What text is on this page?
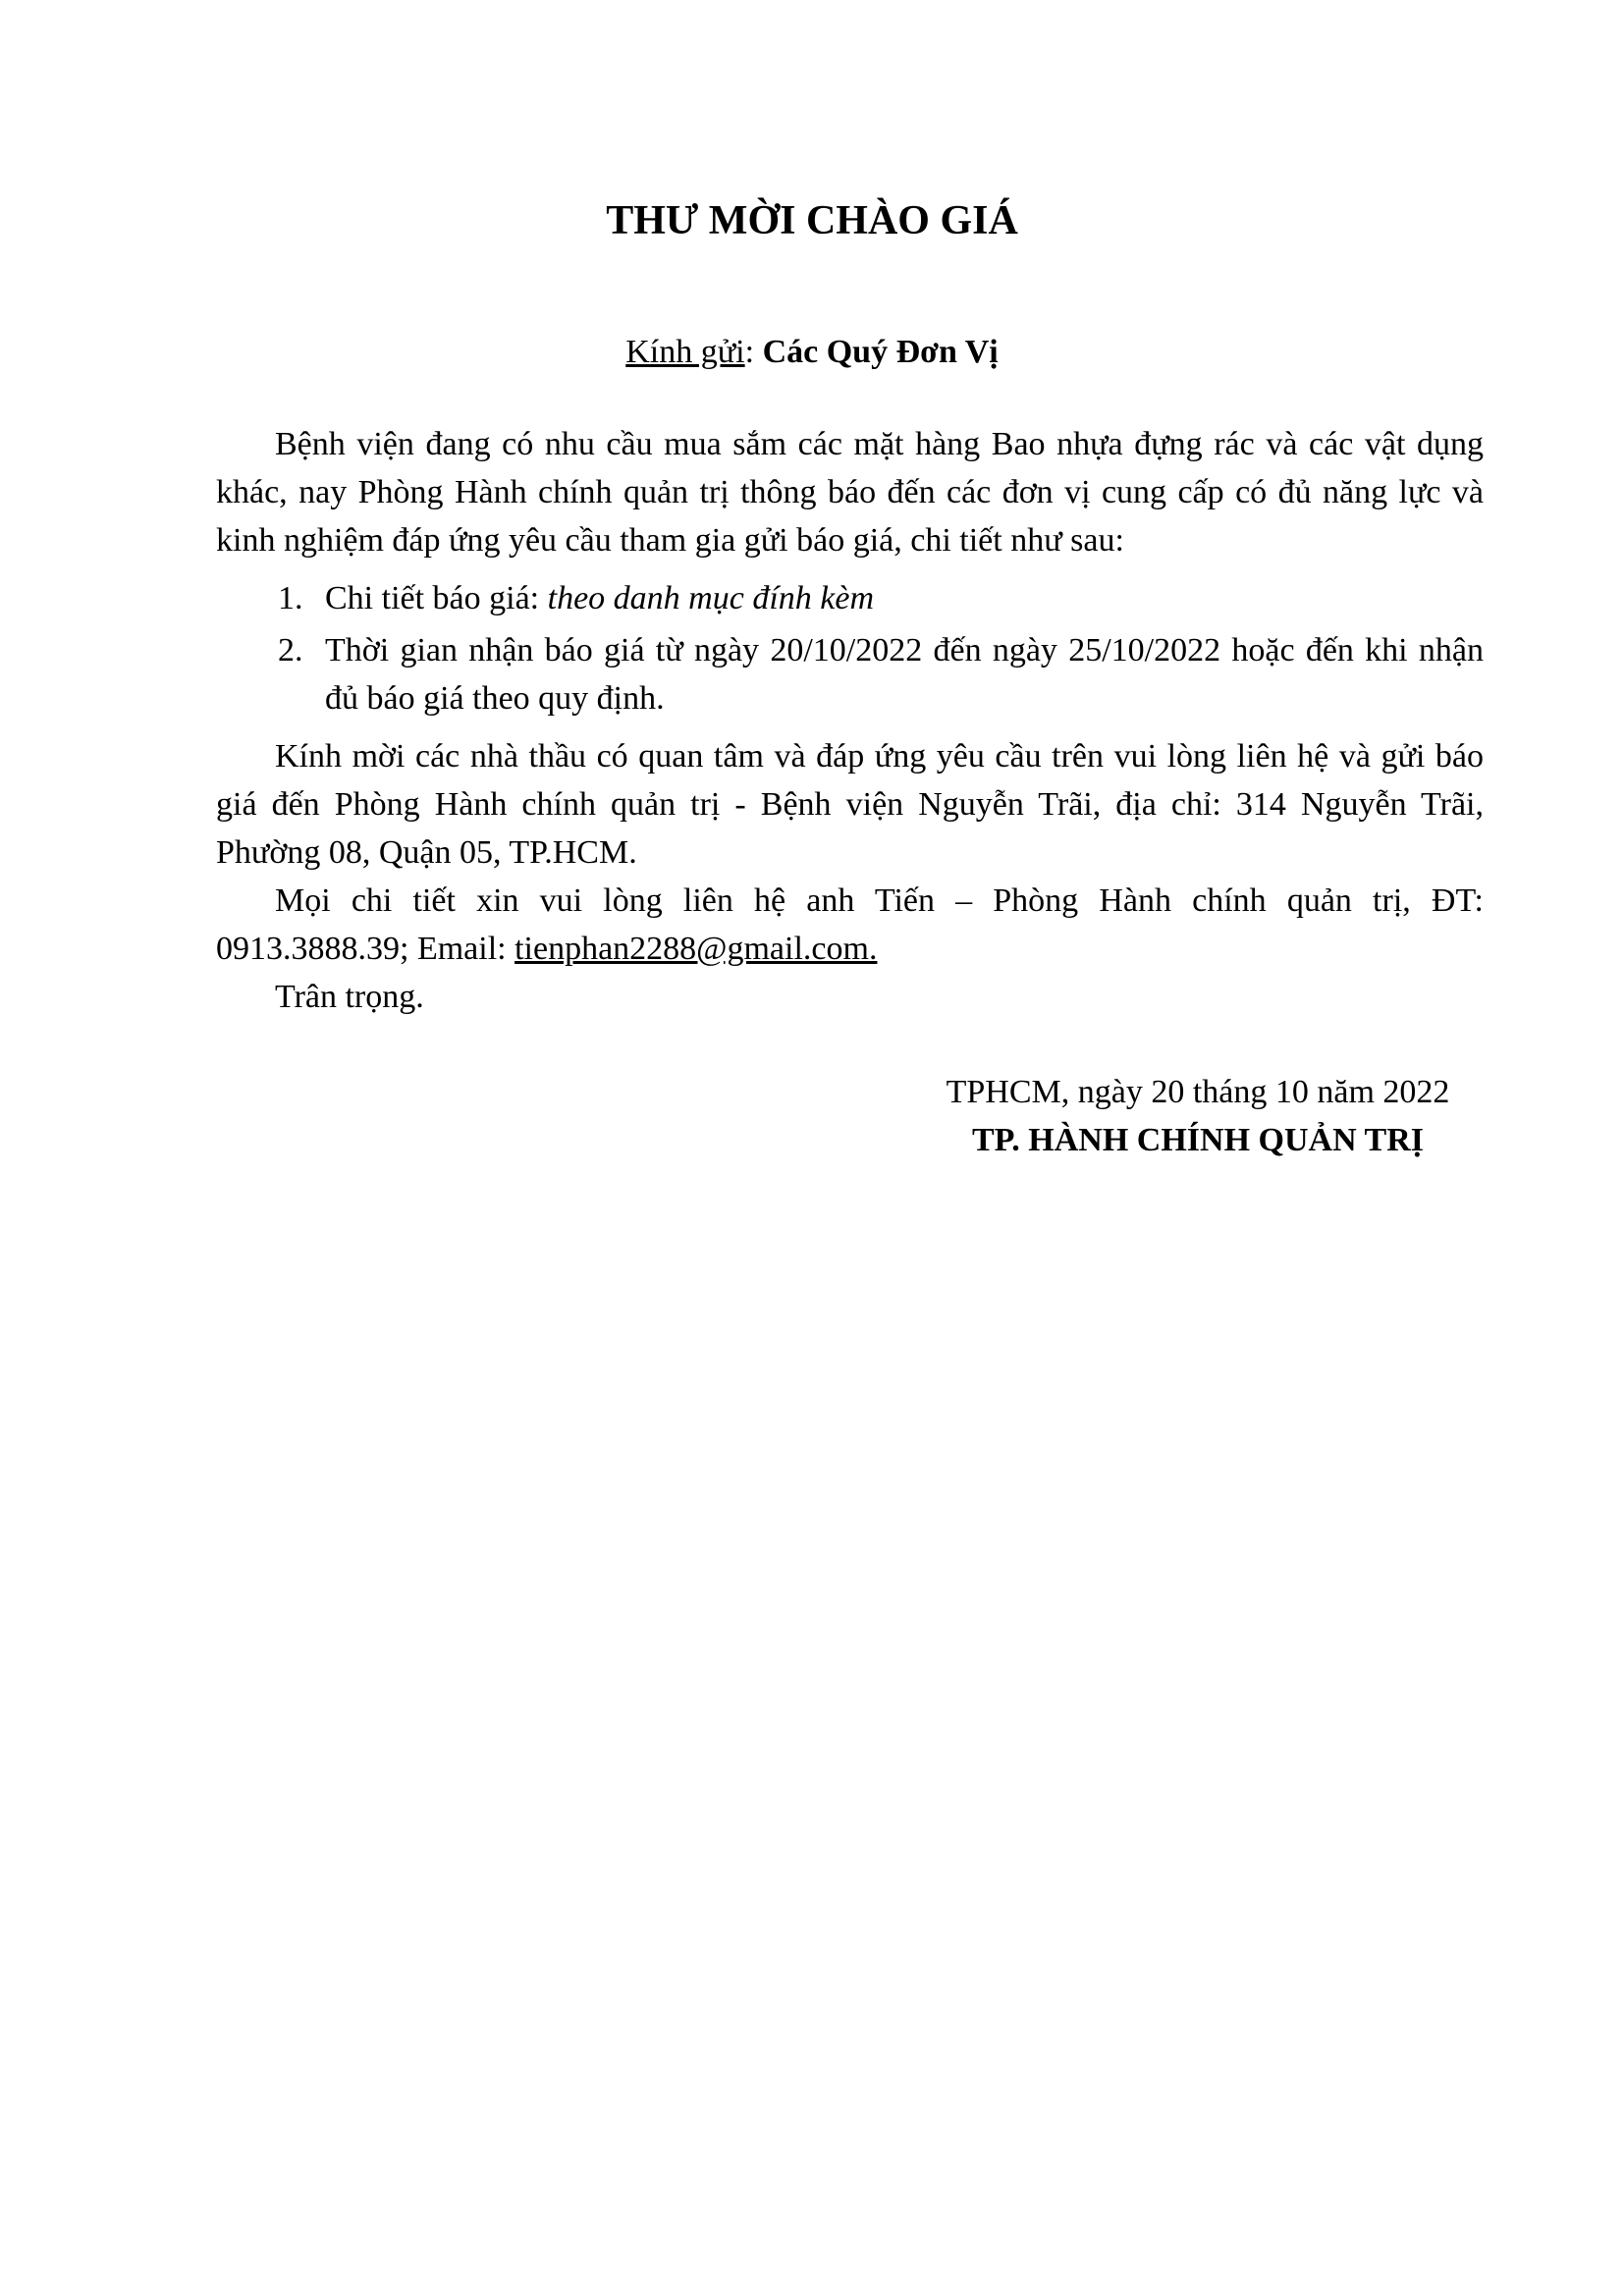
THƯ MỜI CHÀO GIÁ
Kính gửi: Các Quý Đơn Vị

Bệnh viện đang có nhu cầu mua sắm các mặt hàng Bao nhựa đựng rác và các vật dụng khác, nay Phòng Hành chính quản trị thông báo đến các đơn vị cung cấp có đủ năng lực và kinh nghiệm đáp ứng yêu cầu tham gia gửi báo giá, chi tiết như sau:

1. Chi tiết báo giá: theo danh mục đính kèm
2. Thời gian nhận báo giá từ ngày 20/10/2022 đến ngày 25/10/2022 hoặc đến khi nhận đủ báo giá theo quy định.

Kính mời các nhà thầu có quan tâm và đáp ứng yêu cầu trên vui lòng liên hệ và gửi báo giá đến Phòng Hành chính quản trị - Bệnh viện Nguyễn Trãi, địa chỉ: 314 Nguyễn Trãi, Phường 08, Quận 05, TP.HCM.

Mọi chi tiết xin vui lòng liên hệ anh Tiến – Phòng Hành chính quản trị, ĐT: 0913.3888.39; Email: tienphan2288@gmail.com.

Trân trọng.

TPHCM, ngày 20 tháng 10 năm 2022
TP. HÀNH CHÍNH QUẢN TRỊ
